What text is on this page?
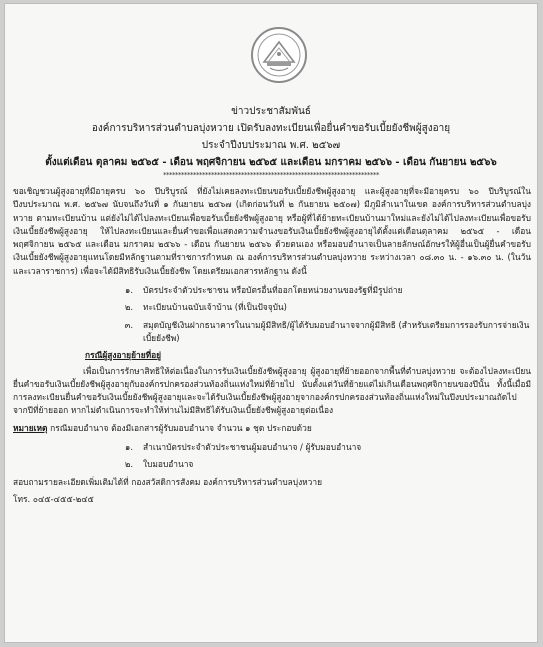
ข่าวประชาสัมพันธ์
องค์การบริหารส่วนตำบลบุ่งหวาย เปิดรับลงทะเบียนเพื่อยื่นคำขอรับเบี้ยยังชีพผู้สูงอายุ
ประจำปีงบประมาณ พ.ศ. ๒๕๖๗
ตั้งแต่เดือน ตุลาคม ๒๕๖๕ - เดือน พฤศจิกายน ๒๕๖๕ และเดือน มกราคม ๒๕๖๖ - เดือน กันยายน ๒๕๖๖
************************************************************************

ขอเชิญชวนผู้สูงอายุที่มีอายุครบ ๖๐ ปีบริบูรณ์ ที่ยังไม่เคยลงทะเบียนขอรับเบี้ยยังชีพผู้สูงอายุ และผู้สูงอายุที่จะมีอายุครบ ๖๐ ปีบริบูรณ์ในปีงบประมาณ พ.ศ. ๒๕๖๗ นับจนถึงวันที่ ๑ กันยายน ๒๕๖๗ (เกิดก่อนวันที่ ๒ กันยายน ๒๕๐๗) มีภูมิลำเนาในเขต องค์การบริหารส่วนตำบลบุ่งหวาย ตามทะเบียนบ้าน แต่ยังไม่ได้ไปลงทะเบียนเพื่อขอรับเบี้ยยังชีพผู้สูงอายุ หรือผู้ที่ได้ย้ายทะเบียนบ้านมาใหม่และยังไม่ได้ไปลงทะเบียนเพื่อขอรับเงินเบี้ยยังชีพผู้สูงอายุ ให้ไปลงทะเบียนและยื่นคำขอเพื่อแสดงความจำนงขอรับเงินเบี้ยยังชีพผู้สูงอายุได้ตั้งแต่เดือนตุลาคม ๒๕๖๕ - เดือน พฤศจิกายน ๒๕๖๕ และเดือน มกราคม ๒๕๖๖ - เดือน กันยายน ๒๕๖๖ ด้วยตนเอง หรือมอบอำนาจเป็นลายลักษณ์อักษรให้ผู้อื่นเป็นผู้ยื่นคำขอรับเงินเบี้ยยังชีพผู้สูงอายุแทนโดยมีหลักฐานตามที่ราชการกำหนด ณ องค์การบริหารส่วนตำบลบุ่งหวาย ระหว่างเวลา ๐๘.๓๐ น. - ๑๖.๓๐ น. (ในวันและเวลาราชการ) เพื่อจะได้มีสิทธิรับเงินเบี้ยยังชีพ โดยเตรียมเอกสารหลักฐาน ดังนี้

๑.	บัตรประจำตัวประชาชน หรือบัตรอื่นที่ออกโดยหน่วยงานของรัฐที่มีรูปถ่าย
๒.	ทะเบียนบ้านฉบับเจ้าบ้าน (ที่เป็นปัจจุบัน)
๓.	สมุดบัญชีเงินฝากธนาคารในนามผู้มีสิทธิ/ผู้ได้รับมอบอำนาจจากผู้มีสิทธิ (สำหรับเตรียมการรองรับการจ่ายเงินเบี้ยยังชีพ)

กรณีผู้สูงอายุย้ายที่อยู่

เพื่อเป็นการรักษาสิทธิให้ต่อเนื่องในการรับเงินเบี้ยยังชีพผู้สูงอายุ ผู้สูงอายุที่ย้ายออกจากพื้นที่ตำบลบุ่งหวาย จะต้องไปลงทะเบียนยื่นคำขอรับเงินเบี้ยยังชีพผู้สูงอายุกับองค์กรปกครองส่วนท้องถิ่นแห่งใหม่ที่ย้ายไป นับตั้งแต่วันที่ย้ายแต่ไม่เกินเดือนพฤศจิกายนของปีนั้น ทั้งนี้เมื่อมีการลงทะเบียนยื่นคำขอรับเงินเบี้ยยังชีพผู้สูงอายุและจะได้รับเงินเบี้ยยังชีพผู้สูงอายุจากองค์กรปกครองส่วนท้องถิ่นแห่งใหม่ในปีงบประมาณถัดไปจากปีที่ย้ายออก หากไม่ดำเนินการจะทำให้ท่านไม่มีสิทธิได้รับเงินเบี้ยยังชีพผู้สูงอายุต่อเนื่อง

หมายเหตุ กรณีมอบอำนาจ ต้องมีเอกสารผู้รับมอบอำนาจ จำนวน ๑ ชุด ประกอบด้วย

๑.	สำเนาบัตรประจำตัวประชาชนผู้มอบอำนาจ / ผู้รับมอบอำนาจ
๒.	ใบมอบอำนาจ

สอบถามรายละเอียดเพิ่มเติมได้ที่ กองสวัสดิการสังคม องค์การบริหารส่วนตำบลบุ่งหวาย

โทร. ๐๔๕-๔๕๕-๒๔๕
